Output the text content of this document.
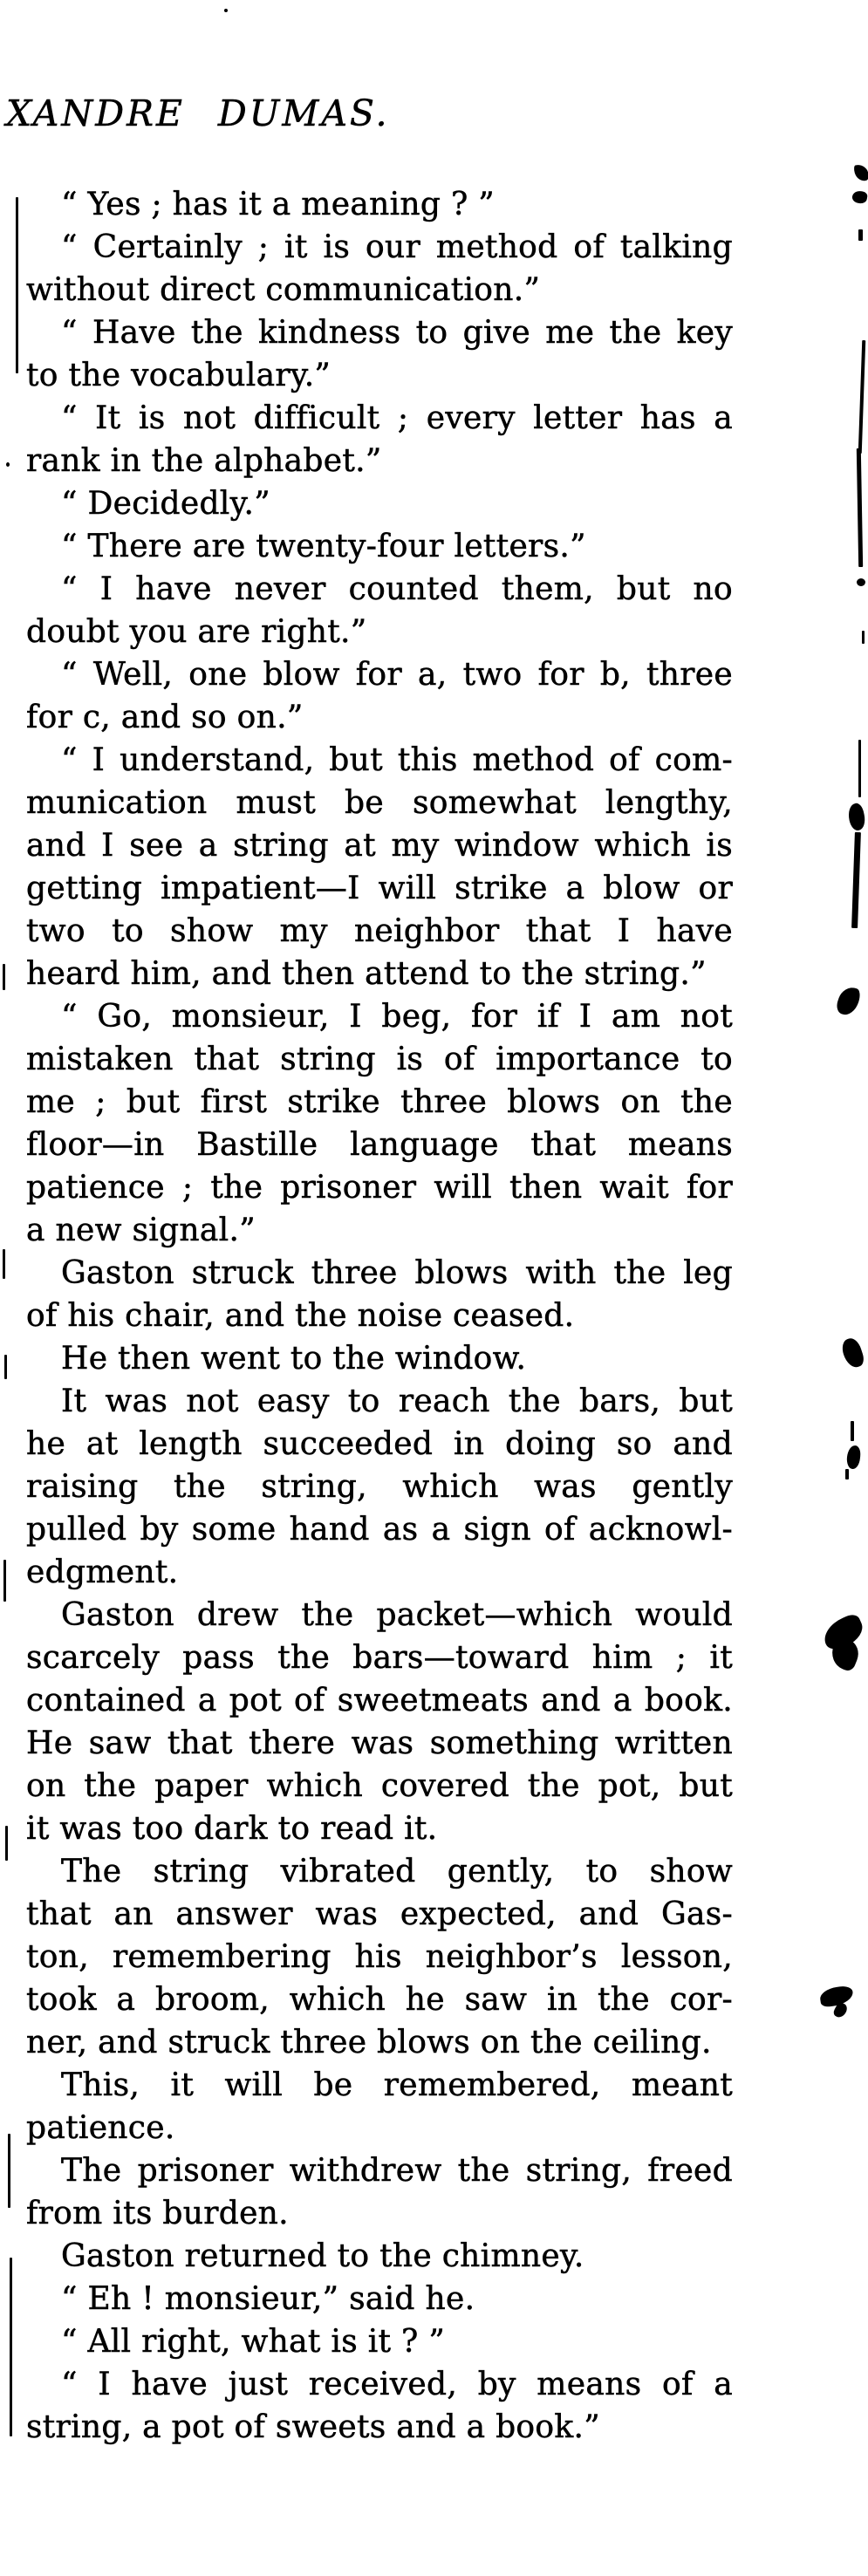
XANDRE DUMAS.
“ Yes ; has it a meaning ? ”
“ Certainly ; it is our method of talking
without direct communication.”
“ Have the kindness to give me the key
to the vocabulary.”
“ It is not difficult ; every letter has a
rank in the alphabet.”
“ Decidedly.”
“ There are twenty-four letters.”
“ I have never counted them, but no
doubt you are right.”
“ Well, one blow for a, two for b, three
for c, and so on.”
“ I understand, but this method of com-
munication must be somewhat lengthy,
and I see a string at my window which is
getting impatient—I will strike a blow or
two to show my neighbor that I have
heard him, and then attend to the string.”
“ Go, monsieur, I beg, for if I am not
mistaken that string is of importance to
me ; but first strike three blows on the
floor—in Bastille language that means
patience ; the prisoner will then wait for
a new signal.”
Gaston struck three blows with the leg
of his chair, and the noise ceased.
He then went to the window.
It was not easy to reach the bars, but
he at length succeeded in doing so and
raising the string, which was gently
pulled by some hand as a sign of acknowl-
edgment.
Gaston drew the packet—which would
scarcely pass the bars—toward him ; it
contained a pot of sweetmeats and a book.
He saw that there was something written
on the paper which covered the pot, but
it was too dark to read it.
The string vibrated gently, to show
that an answer was expected, and Gas-
ton, remembering his neighbor’s lesson,
took a broom, which he saw in the cor-
ner, and struck three blows on the ceiling.
This, it will be remembered, meant
patience.
The prisoner withdrew the string, freed
from its burden.
Gaston returned to the chimney.
“ Eh ! monsieur,” said he.
“ All right, what is it ? ”
“ I have just received, by means of a
string, a pot of sweets and a book.”
